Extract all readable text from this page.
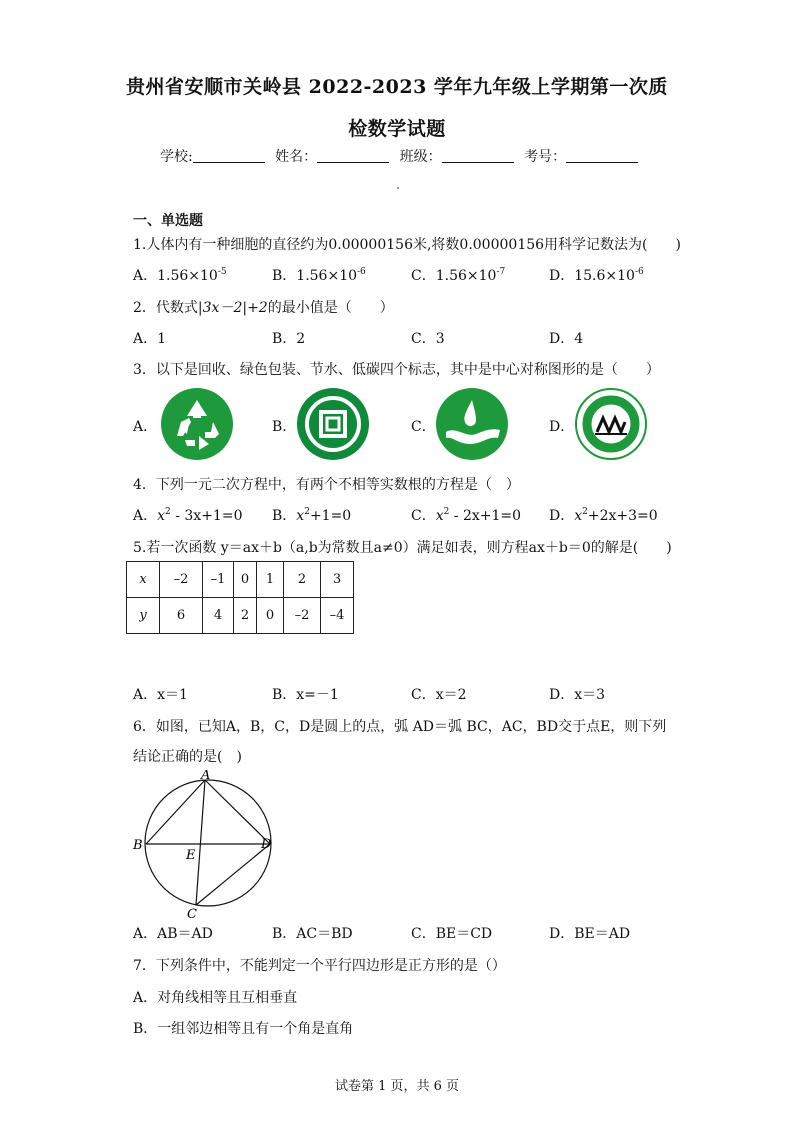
贵州省安顺市关岭县 2022-2023 学年九年级上学期第一次质
检数学试题
学校:	姓名：	班级：	考号：
一、单选题
1.人体内有一种细胞的直径约为0.00000156米,将数0.00000156用科学记数法为(　　)
A．$1.56\times 10^{-5}$	B．$1.56\times 10^{-6}$	C．$1.56\times 10^{-7}$	D．$15.6\times 10^{-6}$
2．代数式|3x－2|+2的最小值是（　　）
A．1	B．2	C．3	D．4
3．以下是回收、绿色包装、节水、低碳四个标志，其中是中心对称图形的是（　　）
A．	B．	C．	D．
4．下列一元二次方程中，有两个不相等实数根的方程是（　）
A．$x^2 - 3x+1=0$ B．$x^2+1=0$	C．$x^2 - 2x+1=0$ D．$x^2+2x+3=0$
5.若一次函数 y＝ax＋b（a,b为常数且a≠0）满足如表，则方程ax＋b＝0的解是(　　)
x	–2	–1	0	1	2	3
y	6	4	2	0	–2	–4
A．x＝1	B．x=－1	C．x＝2	D．x＝3
6．如图，已知A，B，C，D是圆上的点，弧 AD＝弧 BC，AC，BD交于点E，则下列
结论正确的是(　)
A
B
C
D
E
A．AB＝AD	B．AC＝BD	C．BE＝CD	D．BE＝AD
7．下列条件中，不能判定一个平行四边形是正方形的是（）
A．对角线相等且互相垂直
B．一组邻边相等且有一个角是直角
试卷第 1 页，共 6 页
